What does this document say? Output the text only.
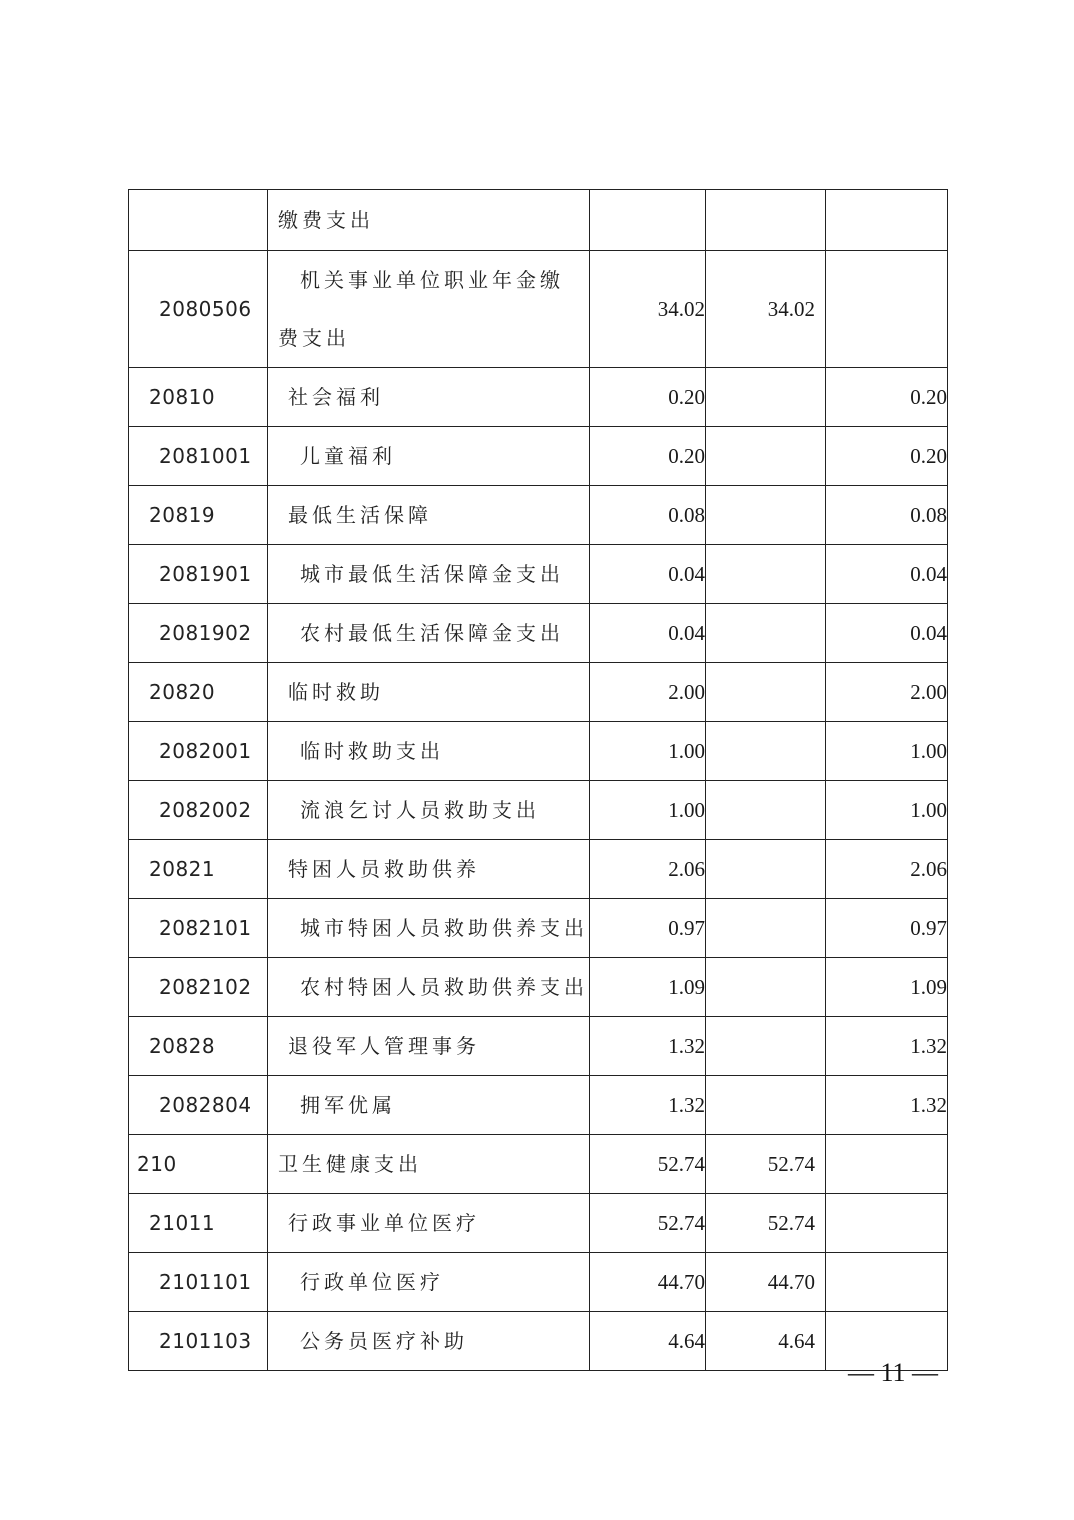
	缴费支出			
2080506	机关事业单位职业年金缴费支出	34.02	34.02	
20810	社会福利	0.20		0.20
2081001	儿童福利	0.20		0.20
20819	最低生活保障	0.08		0.08
2081901	城市最低生活保障金支出	0.04		0.04
2081902	农村最低生活保障金支出	0.04		0.04
20820	临时救助	2.00		2.00
2082001	临时救助支出	1.00		1.00
2082002	流浪乞讨人员救助支出	1.00		1.00
20821	特困人员救助供养	2.06		2.06
2082101	城市特困人员救助供养支出	0.97		0.97
2082102	农村特困人员救助供养支出	1.09		1.09
20828	退役军人管理事务	1.32		1.32
2082804	拥军优属	1.32		1.32
210	卫生健康支出	52.74	52.74	
21011	行政事业单位医疗	52.74	52.74	
2101101	行政单位医疗	44.70	44.70	
2101103	公务员医疗补助	4.64	4.64	
— 11 —
